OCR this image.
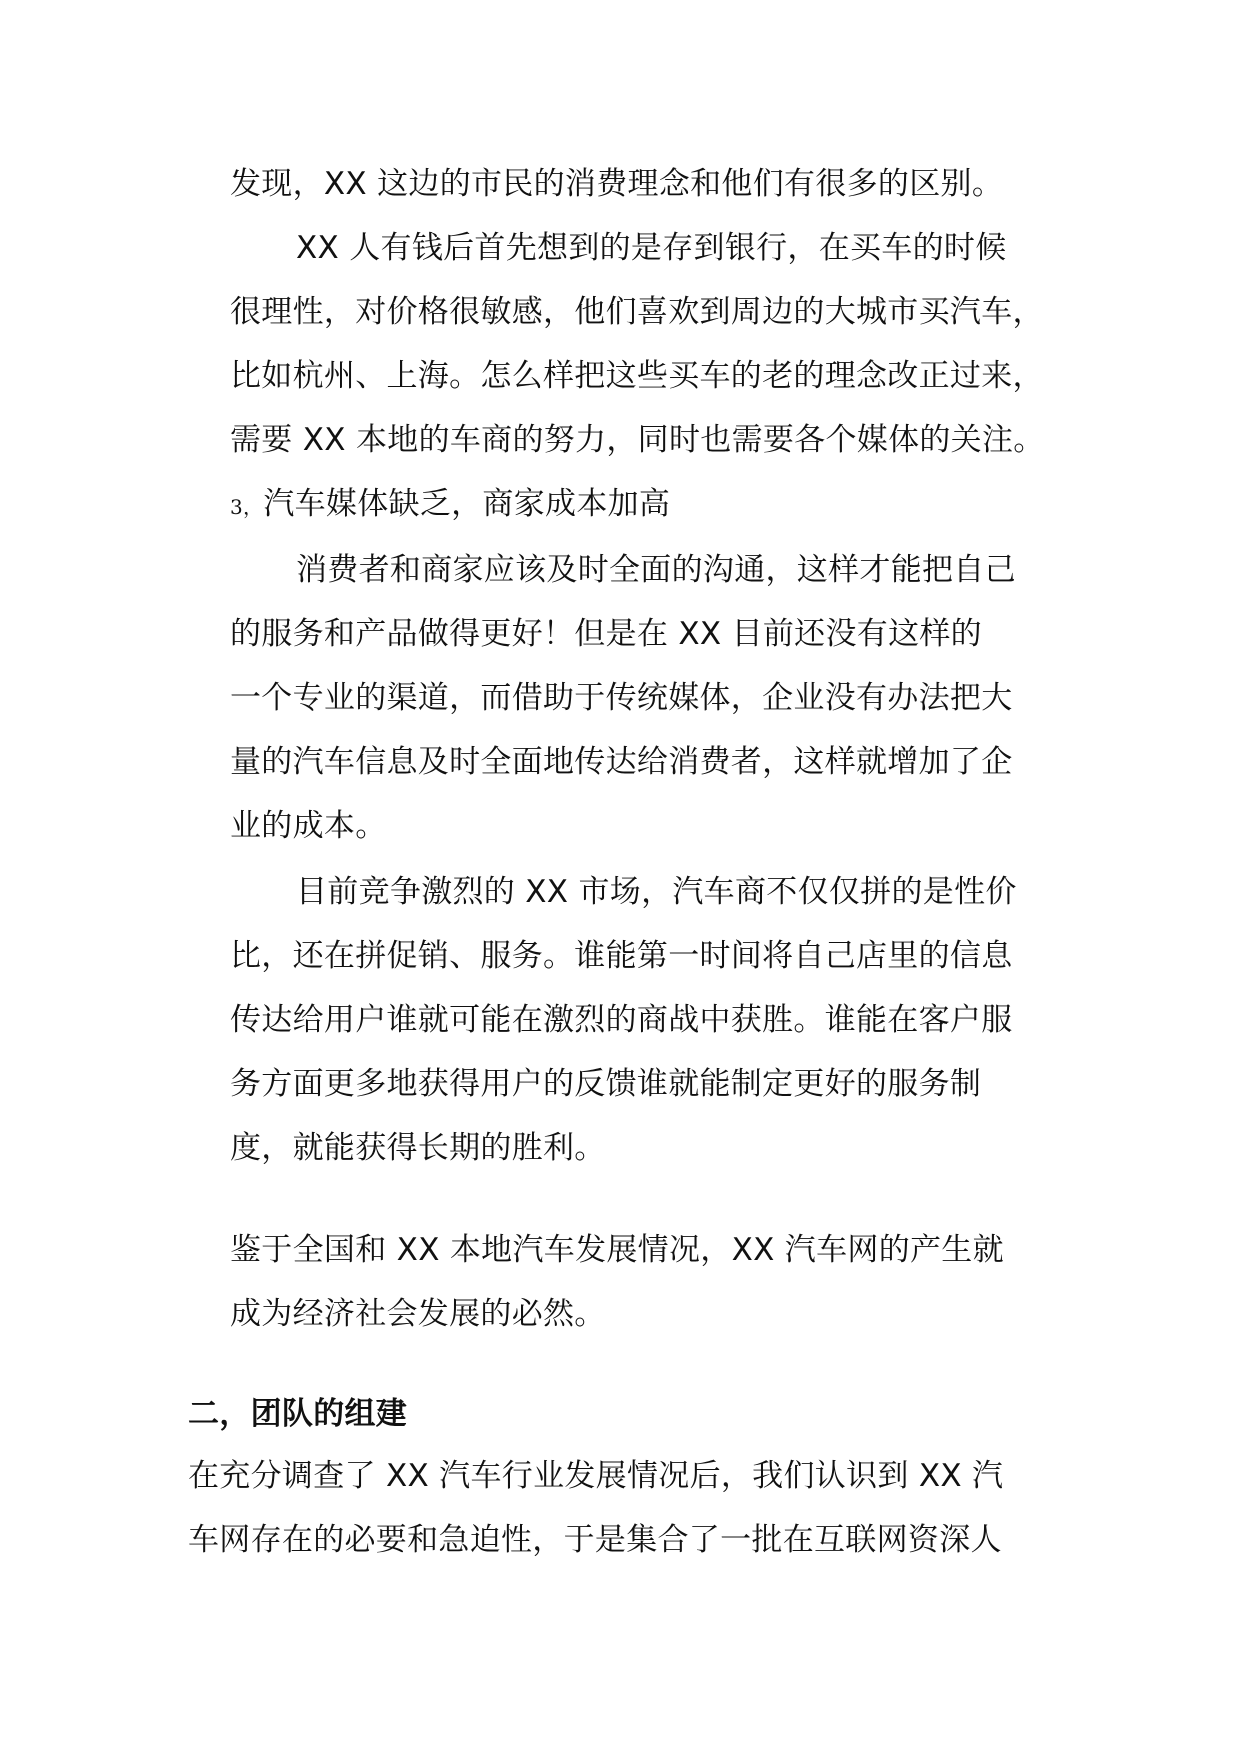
发现，XX 这边的市民的消费理念和他们有很多的区别。
XX 人有钱后首先想到的是存到银行，在买车的时候
很理性，对价格很敏感，他们喜欢到周边的大城市买汽车，
比如杭州、上海。怎么样把这些买车的老的理念改正过来，
需要 XX 本地的车商的努力，同时也需要各个媒体的关注。
3，汽车媒体缺乏，商家成本加高
消费者和商家应该及时全面的沟通，这样才能把自己
的服务和产品做得更好！但是在 XX 目前还没有这样的
一个专业的渠道，而借助于传统媒体，企业没有办法把大
量的汽车信息及时全面地传达给消费者，这样就增加了企
业的成本。
目前竞争激烈的 XX 市场，汽车商不仅仅拼的是性价
比，还在拼促销、服务。谁能第一时间将自己店里的信息
传达给用户谁就可能在激烈的商战中获胜。谁能在客户服
务方面更多地获得用户的反馈谁就能制定更好的服务制
度，就能获得长期的胜利。
鉴于全国和 XX 本地汽车发展情况，XX 汽车网的产生就
成为经济社会发展的必然。
二，团队的组建
在充分调查了 XX 汽车行业发展情况后，我们认识到 XX 汽
车网存在的必要和急迫性，于是集合了一批在互联网资深人
